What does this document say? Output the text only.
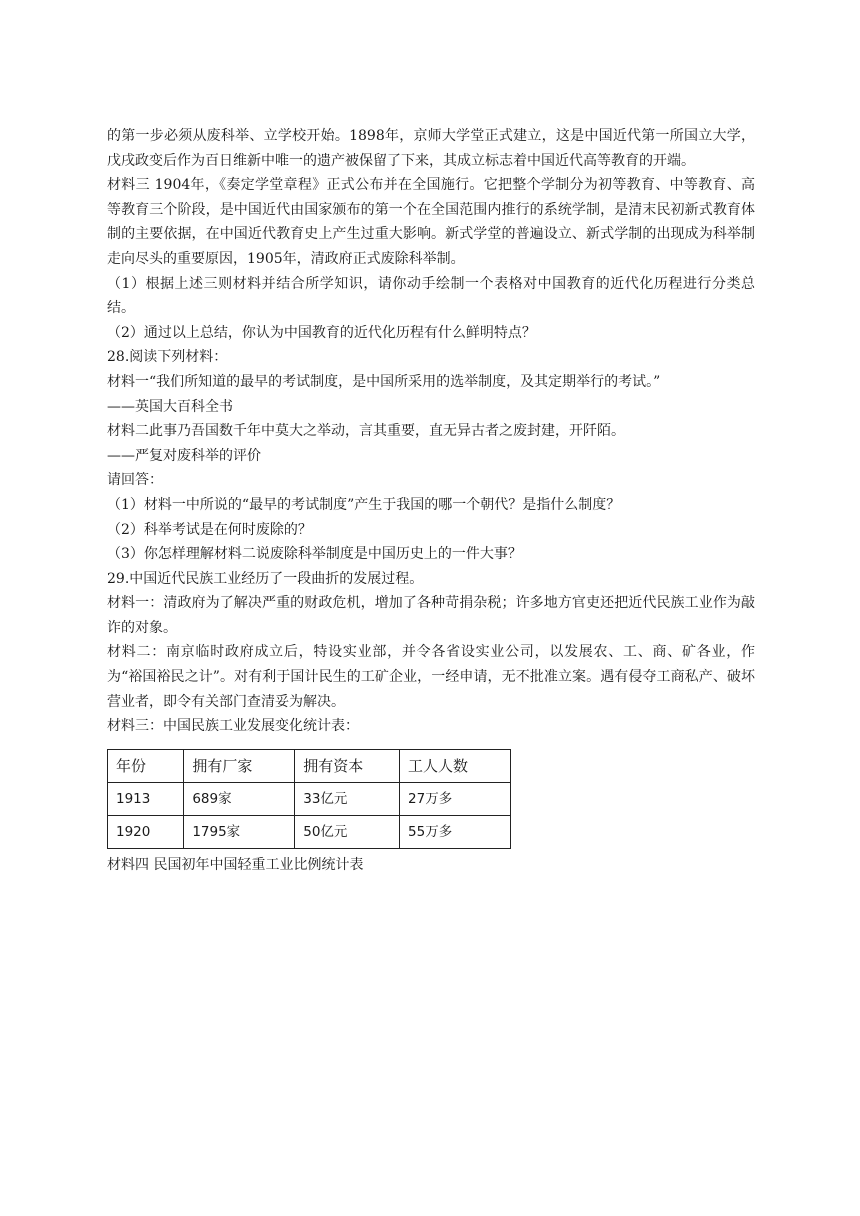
的第一步必须从废科举、立学校开始。1898年，京师大学堂正式建立，这是中国近代第一所国立大学，戊戌政变后作为百日维新中唯一的遗产被保留了下来，其成立标志着中国近代高等教育的开端。

材料三 1904年，《奏定学堂章程》正式公布并在全国施行。它把整个学制分为初等教育、中等教育、高等教育三个阶段，是中国近代由国家颁布的第一个在全国范围内推行的系统学制，是清末民初新式教育体制的主要依据，在中国近代教育史上产生过重大影响。新式学堂的普遍设立、新式学制的出现成为科举制走向尽头的重要原因，1905年，清政府正式废除科举制。

（1）根据上述三则材料并结合所学知识，请你动手绘制一个表格对中国教育的近代化历程进行分类总结。

（2）通过以上总结，你认为中国教育的近代化历程有什么鲜明特点？

28.阅读下列材料：

材料一“我们所知道的最早的考试制度，是中国所采用的选举制度，及其定期举行的考试。”

——英国大百科全书

材料二此事乃吾国数千年中莫大之举动，言其重要，直无异古者之废封建，开阡陌。

——严复对废科举的评价

请回答：

（1）材料一中所说的“最早的考试制度”产生于我国的哪一个朝代？是指什么制度？

（2）科举考试是在何时废除的？

（3）你怎样理解材料二说废除科举制度是中国历史上的一件大事？

29.中国近代民族工业经历了一段曲折的发展过程。

材料一：清政府为了解决严重的财政危机，增加了各种苛捐杂税；许多地方官吏还把近代民族工业作为敲诈的对象。

材料二：南京临时政府成立后，特设实业部，并令各省设实业公司，以发展农、工、商、矿各业，作为“裕国裕民之计”。对有利于国计民生的工矿企业，一经申请，无不批准立案。遇有侵夺工商私产、破坏营业者，即令有关部门查清妥为解决。

材料三：中国民族工业发展变化统计表：

年份	拥有厂家	拥有资本	工人人数
1913	689家	33亿元	27万多
1920	1795家	50亿元	55万多

材料四 民国初年中国轻重工业比例统计表
